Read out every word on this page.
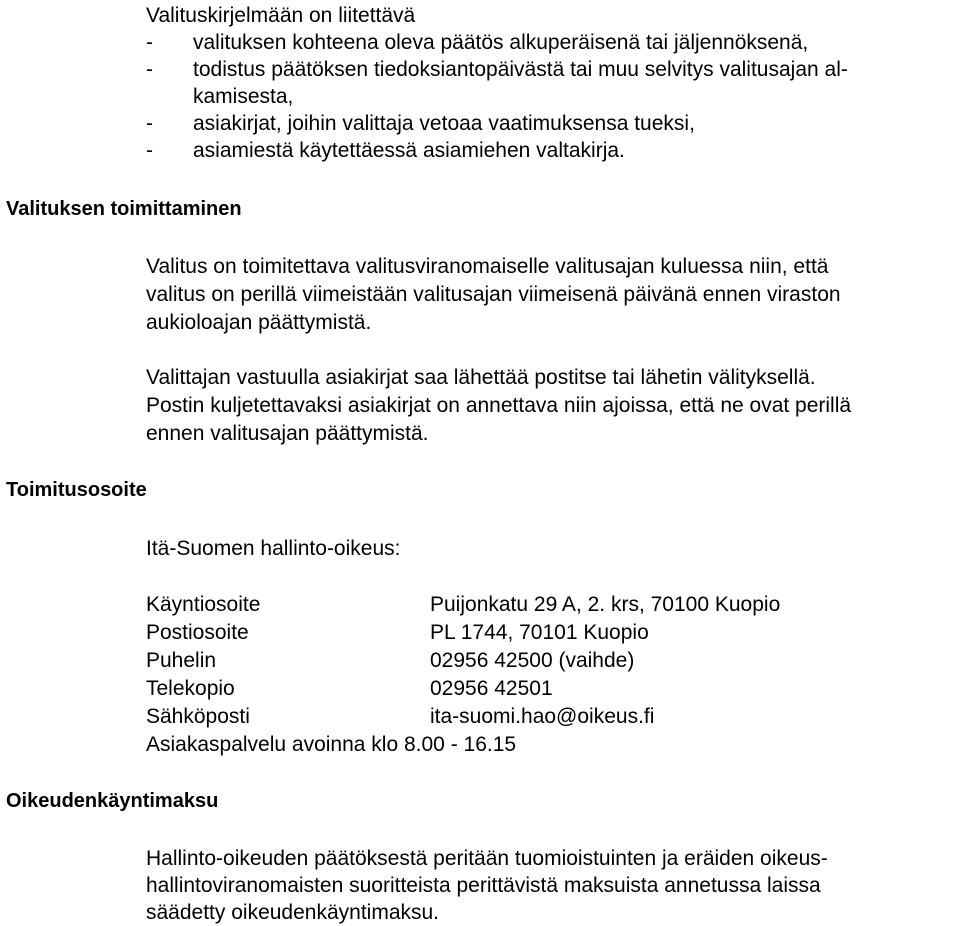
Valituskirjelmään on liitettävä
- valituksen kohteena oleva päätös alkuperäisenä tai jäljennöksenä,
- todistus päätöksen tiedoksiantopäivästä tai muu selvitys valitusajan al-
kamisesta,
- asiakirjat, joihin valittaja vetoaa vaatimuksensa tueksi,
- asiamiestä käytettäessä asiamiehen valtakirja.
Valituksen toimittaminen
Valitus on toimitettava valitusviranomaiselle valitusajan kuluessa niin, että
valitus on perillä viimeistään valitusajan viimeisenä päivänä ennen viraston
aukioloajan päättymistä.
Valittajan vastuulla asiakirjat saa lähettää postitse tai lähetin välityksellä.
Postin kuljetettavaksi asiakirjat on annettava niin ajoissa, että ne ovat perillä
ennen valitusajan päättymistä.
Toimitusosoite
Itä-Suomen hallinto-oikeus:
Käyntiosoite	Puijonkatu 29 A, 2. krs, 70100 Kuopio
Postiosoite	PL 1744, 70101 Kuopio
Puhelin	02956 42500 (vaihde)
Telekopio	02956 42501
Sähköposti	ita-suomi.hao@oikeus.fi
Asiakaspalvelu avoinna klo 8.00 - 16.15
Oikeudenkäyntimaksu
Hallinto-oikeuden päätöksestä peritään tuomioistuinten ja eräiden oikeus-
hallintoviranomaisten suoritteista perittävistä maksuista annetussa laissa
säädetty oikeudenkäyntimaksu.
